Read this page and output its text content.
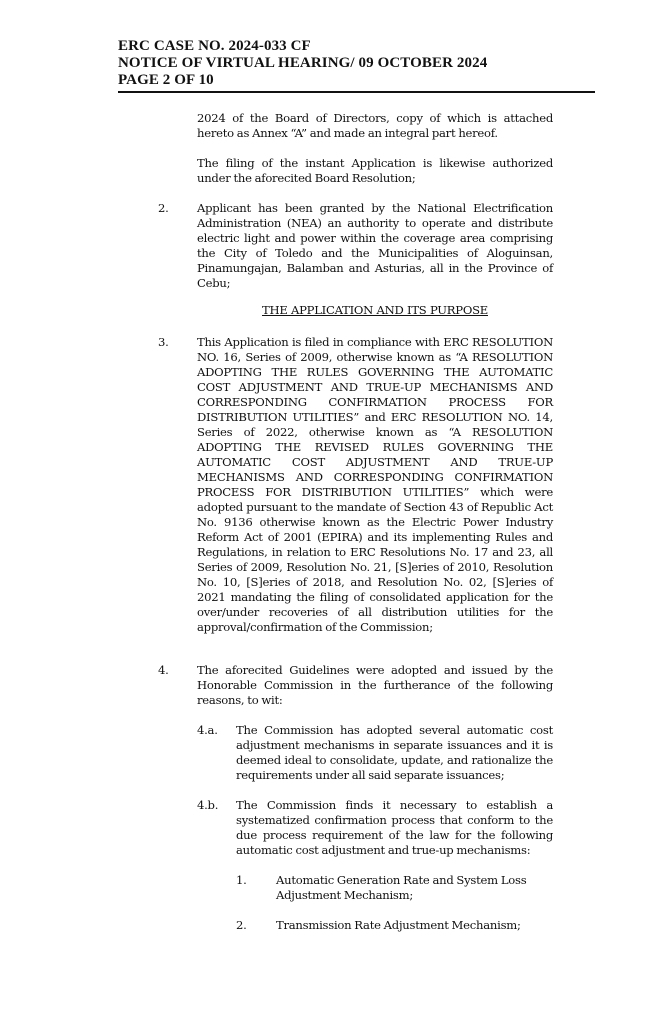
ERC CASE NO. 2024-033 CF
NOTICE OF VIRTUAL HEARING/ 09 OCTOBER 2024
PAGE 2 OF 10
2024 of the Board of Directors, copy of which is attached hereto as Annex “A” and made an integral part hereof.
The filing of the instant Application is likewise authorized under the aforecited Board Resolution;
2. Applicant has been granted by the National Electrification Administration (NEA) an authority to operate and distribute electric light and power within the coverage area comprising the City of Toledo and the Municipalities of Aloguinsan, Pinamungajan, Balamban and Asturias, all in the Province of Cebu;
THE APPLICATION AND ITS PURPOSE
3. This Application is filed in compliance with ERC RESOLUTION NO. 16, Series of 2009, otherwise known as “A RESOLUTION ADOPTING THE RULES GOVERNING THE AUTOMATIC COST ADJUSTMENT AND TRUE-UP MECHANISMS AND CORRESPONDING CONFIRMATION PROCESS FOR DISTRIBUTION UTILITIES” and ERC RESOLUTION NO. 14, Series of 2022, otherwise known as “A RESOLUTION ADOPTING THE REVISED RULES GOVERNING THE AUTOMATIC COST ADJUSTMENT AND TRUE-UP MECHANISMS AND CORRESPONDING CONFIRMATION PROCESS FOR DISTRIBUTION UTILITIES” which were adopted pursuant to the mandate of Section 43 of Republic Act No. 9136 otherwise known as the Electric Power Industry Reform Act of 2001 (EPIRA) and its implementing Rules and Regulations, in relation to ERC Resolutions No. 17 and 23, all Series of 2009, Resolution No. 21, [S]eries of 2010, Resolution No. 10, [S]eries of 2018, and Resolution No. 02, [S]eries of 2021 mandating the filing of consolidated application for the over/under recoveries of all distribution utilities for the approval/confirmation of the Commission;
4. The aforecited Guidelines were adopted and issued by the Honorable Commission in the furtherance of the following reasons, to wit:
4.a. The Commission has adopted several automatic cost adjustment mechanisms in separate issuances and it is deemed ideal to consolidate, update, and rationalize the requirements under all said separate issuances;
4.b. The Commission finds it necessary to establish a systematized confirmation process that conform to the due process requirement of the law for the following automatic cost adjustment and true-up mechanisms:
1.	Automatic Generation Rate and System Loss Adjustment Mechanism;
2.	Transmission Rate Adjustment Mechanism;
